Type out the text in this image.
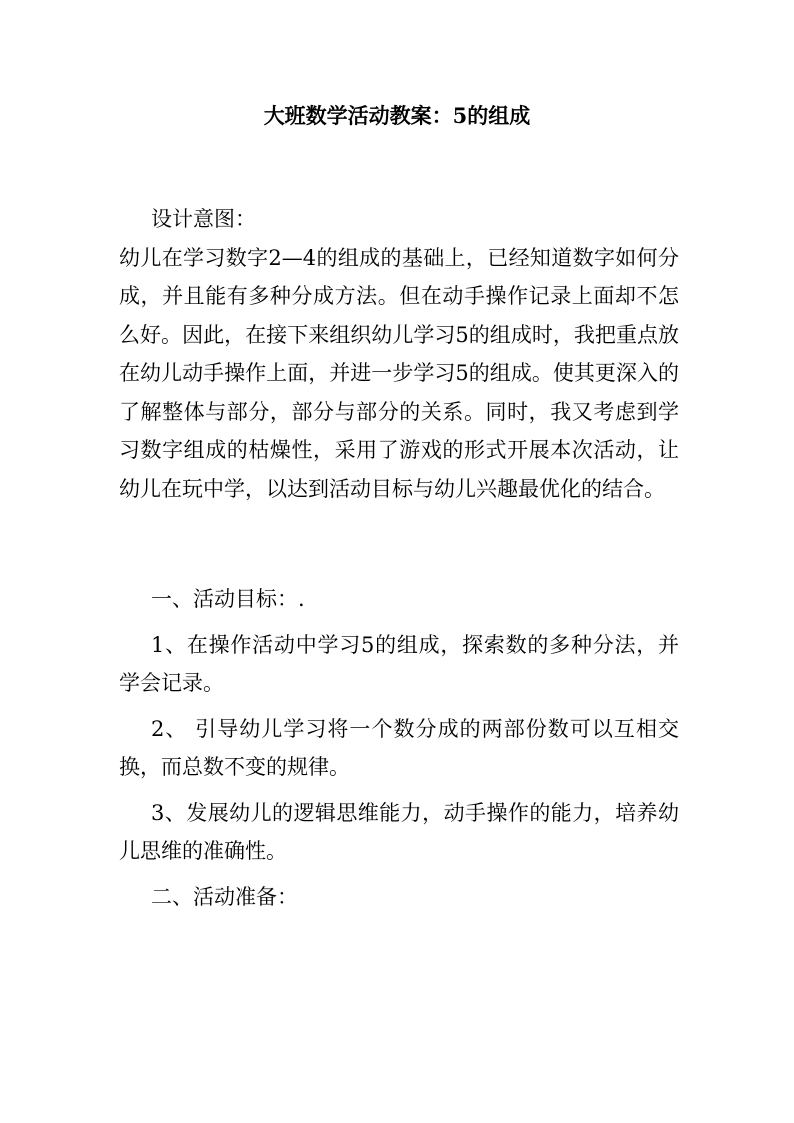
大班数学活动教案：5的组成

设计意图：

幼儿在学习数字2—4的组成的基础上，已经知道数字如何分成，并且能有多种分成方法。但在动手操作记录上面却不怎么好。因此，在接下来组织幼儿学习5的组成时，我把重点放在幼儿动手操作上面，并进一步学习5的组成。使其更深入的了解整体与部分，部分与部分的关系。同时，我又考虑到学习数字组成的枯燥性，采用了游戏的形式开展本次活动，让幼儿在玩中学，以达到活动目标与幼儿兴趣最优化的结合。

一、活动目标：.

1、在操作活动中学习5的组成，探索数的多种分法，并学会记录。

2、 引导幼儿学习将一个数分成的两部份数可以互相交换，而总数不变的规律。

3、发展幼儿的逻辑思维能力，动手操作的能力，培养幼儿思维的准确性。

二、活动准备：
